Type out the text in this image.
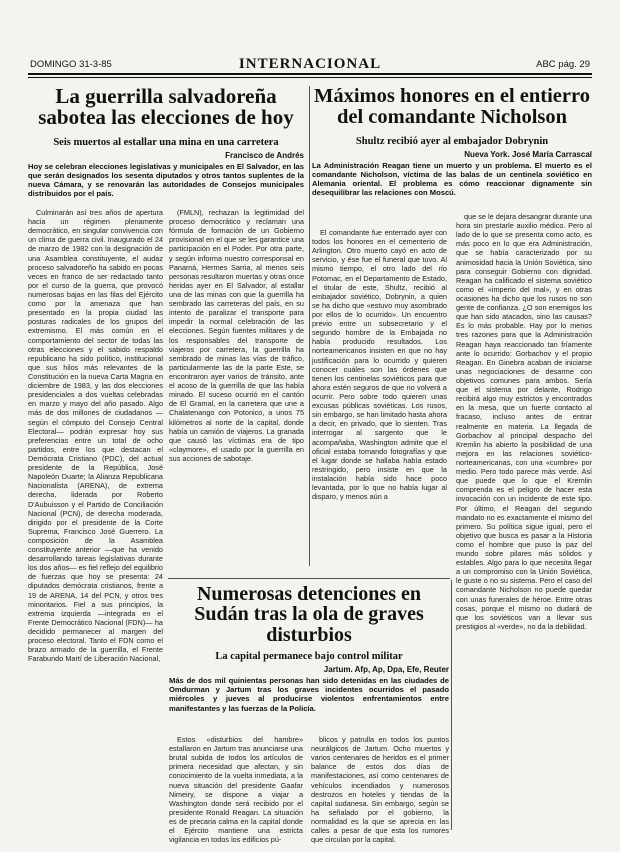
DOMINGO 31-3-85	INTERNACIONAL	ABC pág. 29
La guerrilla salvadoreña sabotea las elecciones de hoy
Seis muertos al estallar una mina en una carretera
Francisco de Andrés
Hoy se celebran elecciones legislativas y municipales en El Salvador, en las que serán designados los sesenta diputados y otros tantos suplentes de la nueva Cámara, y se renovarán las autoridades de Consejos municipales distribuidos por el país.

Culminarán así tres años de apertura hacia un régimen plenamente democrático, en singular convivencia con un clima de guerra civil. Inaugurado el 24 de marzo de 1982 con la designación de una Asamblea constituyente, el audaz proceso salvadoreño ha sabido en pocas veces en franco de ser redactado tanto por el curso de la guerra, que provocó numerosas bajas en las filas del Ejército como por la amenaza que han presentado en la propia ciudad las posturas radicales de los grupos del extremismo. El más común en el comportamiento del sector de todas las otras elecciones y el sabido respaldo republicano ha sido político, institucional que sus hilos más relevantes de la Constitución en la nueva Carta Magna en diciembre de 1983, y las dos elecciones presidenciales a dos vueltas celebradas en marzo y mayo del año pasado. Algo más de dos millones de ciudadanos —según el cómputo del Consejo Central Electoral— podrán expresar hoy sus preferencias entre un total de ocho partidos, entre los que destacan el Demócrata Cristiano (PDC), del actual presidente de la República, José Napoleón Duarte; la Alianza Republicana Nacionalista (ARENA), de extrema derecha, liderada por Roberto D'Aubuisson y el Partido de Conciliación Nacional (PCN), de derecha moderada, dirigido por el presidente de la Corte Suprema, Francisco José Guerrero. La composición de la Asamblea constituyente anterior —que ha venido desarrollando tareas legislativas durante los dos años— es fiel reflejo del equilibrio de fuerzas que hoy se presenta: 24 diputados demócrata cristianos, frente a 19 de ARENA, 14 del PCN, y otros tres minoritarios. Fiel a sus principios, la extrema izquierda —integrada en el Frente Democrático Nacional (FDN)— ha decidido permanecer al margen del proceso electoral. Tanto el FDN como el brazo armado de la guerrilla, el Frente Farabundo Martí de Liberación Nacional,

(FMLN), rechazan la legitimidad del proceso democrático y reclaman una fórmula de formación de un Gobierno provisional en el que se les garantice una participación en el Poder. Por otra parte, y según informa nuestro corresponsal en Panamá, Hermes Sarria, al menos seis personas resultaron muertas y otras once heridas ayer en El Salvador, al estallar una de las minas con que la guerrilla ha sembrado las carreteras del país, en su intento de paralizar el transporte para impedir la normal celebración de las elecciones. Según fuentes militares y de los responsables del transporte de viajeros por carretera, la guerrilla ha sembrado de minas las vías de tráfico, particularmente las de la parte Este, se encontraron ayer varios de tránsito, ante el acoso de la guerrilla de que las había minado. El suceso ocurrió en el cantón de El Gramal, en la carretera que une a Chalatenango con Potonico, a unos 75 kilómetros al norte de la capital, donde había un camión de viajeros. La granada que causó las víctimas era de tipo «claymore», el usado por la guerrilla en sus acciones de sabotaje.

Máximos honores en el entierro del comandante Nicholson
Shultz recibió ayer al embajador Dobrynin
Nueva York. José María Carrascal
La Administración Reagan tiene un muerto y un problema. El muerto es el comandante Nicholson, víctima de las balas de un centinela soviético en Alemania oriental. El problema es cómo reaccionar dignamente sin desequilibrar las relaciones con Moscú.

El comandante fue enterrado ayer con todos los honores en el cementerio de Arlington. Otro muerto cayó en acto de servicio, y ése fue el funeral que tuvo. Al mismo tiempo, el otro lado del río Potomac, en el Departamento de Estado, el titular de este, Shultz, recibió al embajador soviético, Dobrynin, a quien se ha dicho que «estuvo muy asombrado por ellos de lo ocurrido». Un encuentro previo entre un subsecretario y el segundo hombre de la Embajada no había producido resultados. Los norteamericanos insisten en que no hay justificación para lo ocurrido y quieren conocer cuáles son las órdenes que tienen los centinelas soviéticos para que ahora estén seguros de que no volverá a ocurrir. Pero sobre todo quieren unas excusas públicas soviéticas. Los rusos, sin embargo, se han limitado hasta ahora a decir, en privado, que lo sienten. Tras interrogar al sargento que le acompañaba, Washington admite que el oficial estaba tomando fotografías y que el lugar donde se hallaba había estado restringido, pero insiste en que la instalación había sido hace poco levantada, por lo que no había lugar al disparo, y menos aún a

que se le dejara desangrar durante una hora sin prestarle auxilio médico. Pero al lado de lo que se presenta como acto, es más poco en lo que era Administración, que se había caracterizado por su animosidad hacia la Unión Soviética, sino para conseguir Gobierno con dignidad. Reagan ha calificado el sistema soviético como el «imperio del mal», y en otras ocasiones ha dicho que los rusos no son gente de confianza. ¿O son enemigos los que han sido atacados, sino las causas? Es lo más probable. Hay por lo menos tres razones para que la Administración Reagan haya reaccionado tan fríamente ante lo ocurrido: Gorbachov y el propio Reagan. En Ginebra acaban de iniciarse unas negociaciones de desarme con objetivos comunes para ambos. Sería que el sistema por delante, Rodrigo recibirá algo muy estrictos y encontrados en la mesa, que un fuerte contacto al fracaso, incluso antes de entrar realmente en materia. La llegada de Gorbachov al principal despacho del Kremlin ha abierto la posibilidad de una mejora en las relaciones soviético-norteamericanas, con una «cumbre» por medio. Pero todo parece más verde. Así que puede que lo que el Kremlin comprenda es el peligro de hacer esta invocación con un incidente de este tipo. Por último, el Reagan del segundo mandato no es exactamente el mismo del primero. Su política sigue igual, pero el objetivo que busca es pasar a la Historia como el hombre que puso la paz del mundo sobre pilares más sólidos y estables. Algo para lo que necesita llegar a un compromiso con la Unión Soviética, le guste o no su sistema. Pero el caso del comandante Nicholson no puede quedar con unas funerales de héroe. Entre otras cosas, porque el mismo no dudará de que los soviéticos van a llevar sus prestigios al «verde», no da la debilidad.

Numerosas detenciones en Sudán tras la ola de graves disturbios
La capital permanece bajo control militar
Jartum. Afp, Ap, Dpa, Efe, Reuter
Más de dos mil quinientas personas han sido detenidas en las ciudades de Omdurman y Jartum tras los graves incidentes ocurridos el pasado miércoles y jueves al producirse violentos enfrentamientos entre manifestantes y las fuerzas de la Policía.

Estos «disturbios del hambre» estallaron en Jartum tras anunciarse una brutal subida de todos los artículos de primera necesidad que afectan, y sin conocimiento de la vuelta inmediata, a la nueva situación del presidente Gaafar Nimeiry, se dispone a viajar a Washington donde será recibido por el presidente Ronald Reagan. La situación es de precaria calma en la capital donde el Ejército mantiene una estricta vigilancia en todos los edificios pú-

blicos y patrulla en todos los puntos neurálgicos de Jartum. Ocho muertos y varios centenares de heridos es el primer balance de estos dos días de manifestaciones, así como centenares de vehículos incendiados y numerosos destrozos en hoteles y tiendas de la capital sudanesa. Sin embargo, según se ha señalado por el gobierno, la normalidad es la que se aprecia en las calles a pesar de que esta los rumores que circulan por la capital.
